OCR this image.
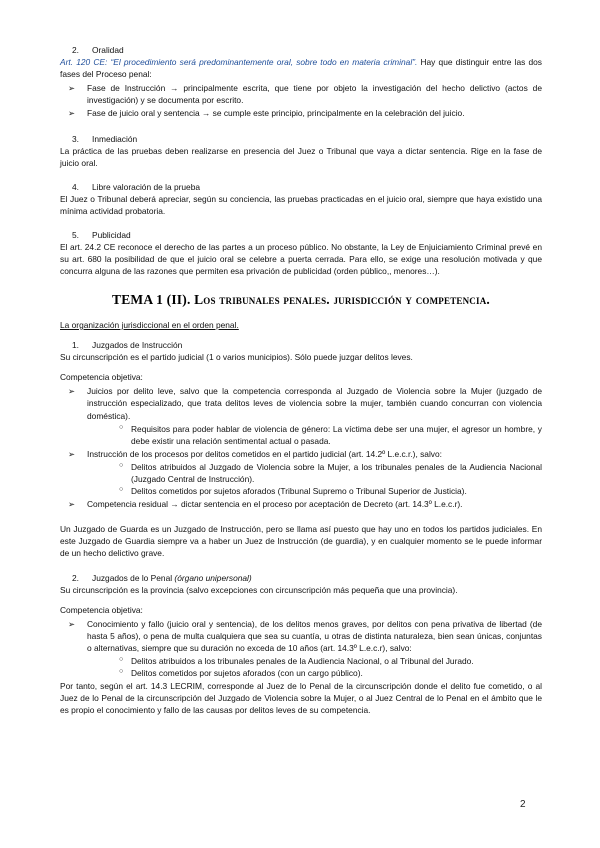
2.	Oralidad

Art. 120 CE: “El procedimiento será predominantemente oral, sobre todo en materia criminal”. Hay que distinguir entre las dos fases del Proceso penal:

➢ Fase de Instrucción → principalmente escrita, que tiene por objeto la investigación del hecho delictivo (actos de investigación) y se documenta por escrito.
➢ Fase de juicio oral y sentencia → se cumple este principio, principalmente en la celebración del juicio.

3.	Inmediación

La práctica de las pruebas deben realizarse en presencia del Juez o Tribunal que vaya a dictar sentencia. Rige en la fase de juicio oral.

4.	Libre valoración de la prueba

El Juez o Tribunal deberá apreciar, según su conciencia, las pruebas practicadas en el juicio oral, siempre que haya existido una mínima actividad probatoria.

5.	Publicidad

El art. 24.2 CE reconoce el derecho de las partes a un proceso público. No obstante, la Ley de Enjuiciamiento Criminal prevé en su art. 680 la posibilidad de que el juicio oral se celebre a puerta cerrada. Para ello, se exige una resolución motivada y que concurra alguna de las razones que permiten esa privación de publicidad (orden público,, menores…).

TEMA 1 (II). Los tribunales penales. jurisdicción y competencia.

La organización jurisdiccional en el orden penal.

1.	Juzgados de Instrucción

Su circunscripción es el partido judicial (1 o varios municipios). Sólo puede juzgar delitos leves.

Competencia objetiva:

➢ Juicios por delito leve, salvo que la competencia corresponda al Juzgado de Violencia sobre la Mujer (juzgado de instrucción especializado, que trata delitos leves de violencia sobre la mujer, también cuando concurran con violencia doméstica).
○ Requisitos para poder hablar de violencia de género: La víctima debe ser una mujer, el agresor un hombre, y debe existir una relación sentimental actual o pasada.
➢ Instrucción de los procesos por delitos cometidos en el partido judicial (art. 14.2º L.e.c.r.), salvo:
○ Delitos atribuidos al Juzgado de Violencia sobre la Mujer, a los tribunales penales de la Audiencia Nacional (Juzgado Central de Instrucción).
○ Delitos cometidos por sujetos aforados (Tribunal Supremo o Tribunal Superior de Justicia).
➢ Competencia residual → dictar sentencia en el proceso por aceptación de Decreto (art. 14.3º L.e.c.r).

Un Juzgado de Guarda es un Juzgado de Instrucción, pero se llama así puesto que hay uno en todos los partidos judiciales. En este Juzgado de Guardia siempre va a haber un Juez de Instrucción (de guardia), y en cualquier momento se le puede informar de un hecho delictivo grave.

2.	Juzgados de lo Penal (órgano unipersonal)

Su circunscripción es la provincia (salvo excepciones con circunscripción más pequeña que una provincia).

Competencia objetiva:

➢ Conocimiento y fallo (juicio oral y sentencia), de los delitos menos graves, por delitos con pena privativa de libertad (de hasta 5 años), o pena de multa cualquiera que sea su cuantía, u otras de distinta naturaleza, bien sean únicas, conjuntas o alternativas, siempre que su duración no exceda de 10 años (art. 14.3º L.e.c.r), salvo:
○ Delitos atribuidos a los tribunales penales de la Audiencia Nacional, o al Tribunal del Jurado.
○ Delitos cometidos por sujetos aforados (con un cargo público).

Por tanto, según el art. 14.3 LECRIM, corresponde al Juez de lo Penal de la circunscripción donde el delito fue cometido, o al Juez de lo Penal de la circunscripción del Juzgado de Violencia sobre la Mujer, o al Juez Central de lo Penal en el ámbito que le es propio el conocimiento y fallo de las causas por delitos leves de su competencia.

2
